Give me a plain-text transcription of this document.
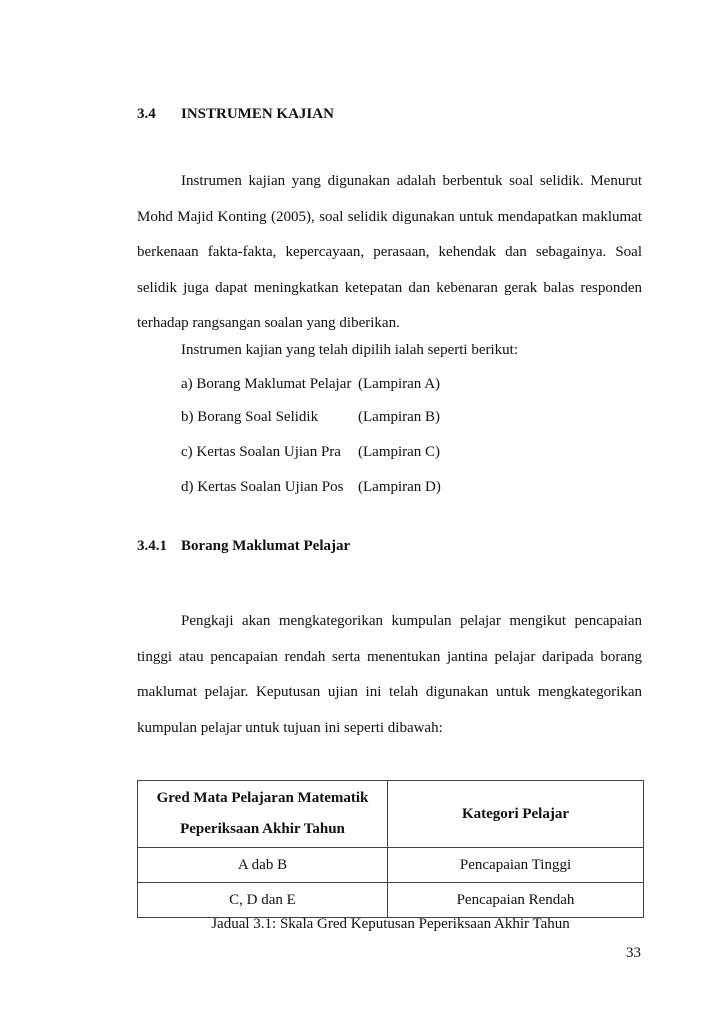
3.4 INSTRUMEN KAJIAN
Instrumen kajian yang digunakan adalah berbentuk soal selidik. Menurut Mohd Majid Konting (2005), soal selidik digunakan untuk mendapatkan maklumat berkenaan fakta-fakta, kepercayaan, perasaan, kehendak dan sebagainya. Soal selidik juga dapat meningkatkan ketepatan dan kebenaran gerak balas responden terhadap rangsangan soalan yang diberikan.
Instrumen kajian yang telah dipilih ialah seperti berikut:
a) Borang Maklumat Pelajar (Lampiran A)
b) Borang Soal Selidik	(Lampiran B)
c) Kertas Soalan Ujian Pra (Lampiran C)
d) Kertas Soalan Ujian Pos (Lampiran D)
3.4.1 Borang Maklumat Pelajar
Pengkaji akan mengkategorikan kumpulan pelajar mengikut pencapaian tinggi atau pencapaian rendah serta menentukan jantina pelajar daripada borang maklumat pelajar. Keputusan ujian ini telah digunakan untuk mengkategorikan kumpulan pelajar untuk tujuan ini seperti dibawah:
Gred Mata Pelajaran Matematik
Peperiksaan Akhir Tahun	Kategori Pelajar
A dab B	Pencapaian Tinggi
C, D dan E	Pencapaian Rendah
Jadual 3.1: Skala Gred Keputusan Peperiksaan Akhir Tahun
33
